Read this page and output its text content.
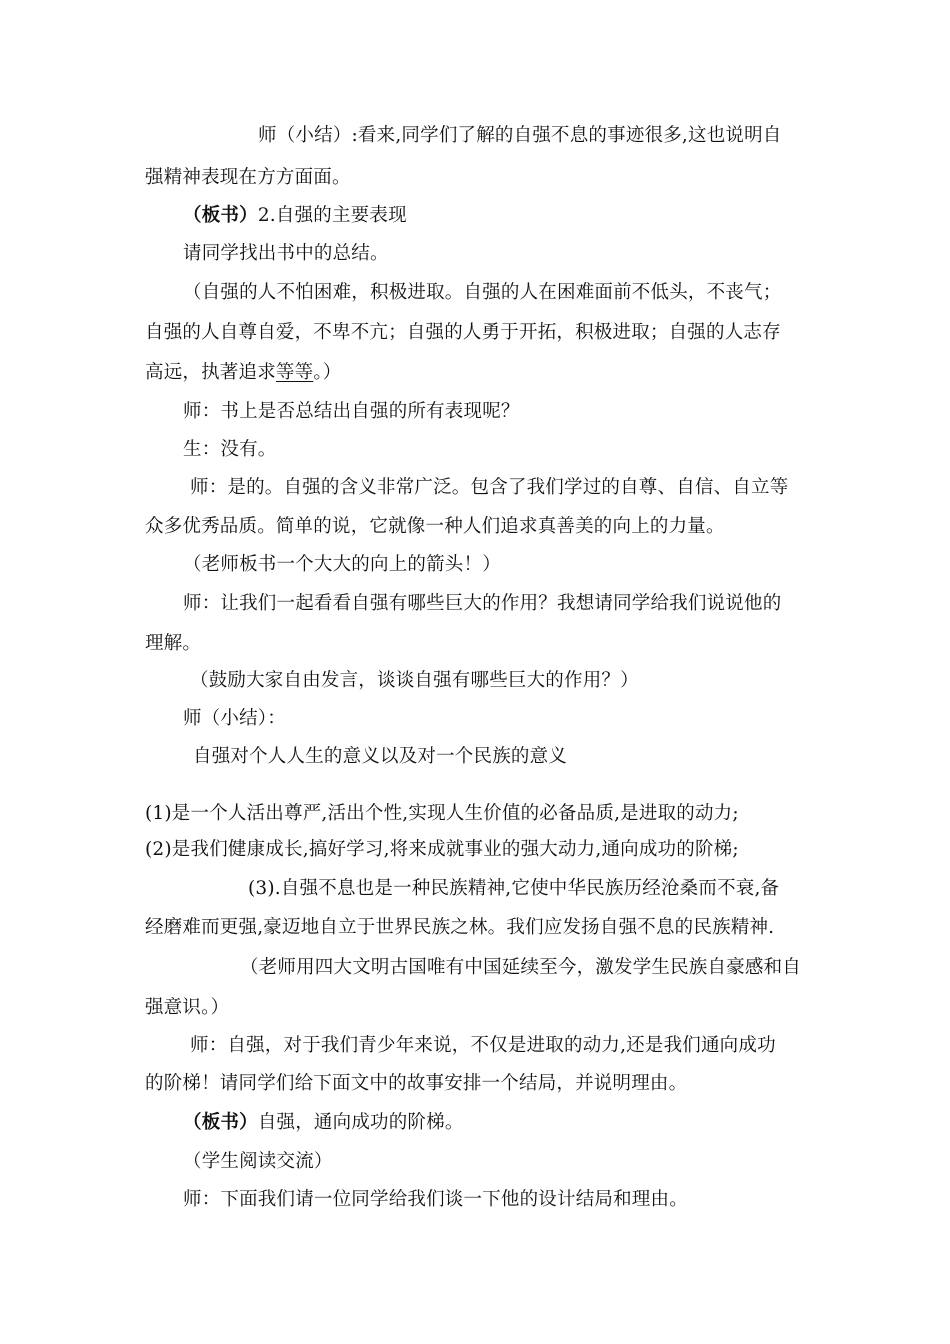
师（小结）:看来,同学们了解的自强不息的事迹很多,这也说明自
强精神表现在方方面面。
（板书）2.自强的主要表现
请同学找出书中的总结。
（自强的人不怕困难，积极进取。自强的人在困难面前不低头，不丧气；
自强的人自尊自爱，不卑不亢；自强的人勇于开拓，积极进取；自强的人志存
高远，执著追求等等。）
师：书上是否总结出自强的所有表现呢？
生：没有。
师：是的。自强的含义非常广泛。包含了我们学过的自尊、自信、自立等
众多优秀品质。简单的说，它就像一种人们追求真善美的向上的力量。
（老师板书一个大大的向上的箭头！）
师：让我们一起看看自强有哪些巨大的作用？我想请同学给我们说说他的
理解。
（鼓励大家自由发言，谈谈自强有哪些巨大的作用？）
师（小结）：
自强对个人人生的意义以及对一个民族的意义
(1)是一个人活出尊严,活出个性,实现人生价值的必备品质,是进取的动力;
(2)是我们健康成长,搞好学习,将来成就事业的强大动力,通向成功的阶梯;
(3).自强不息也是一种民族精神,它使中华民族历经沧桑而不衰,备
经磨难而更强,豪迈地自立于世界民族之林。我们应发扬自强不息的民族精神.
（老师用四大文明古国唯有中国延续至今，激发学生民族自豪感和自
强意识。）
师：自强，对于我们青少年来说，不仅是进取的动力,还是我们通向成功
的阶梯！请同学们给下面文中的故事安排一个结局，并说明理由。
（板书）自强，通向成功的阶梯。
（学生阅读交流）
师：下面我们请一位同学给我们谈一下他的设计结局和理由。
